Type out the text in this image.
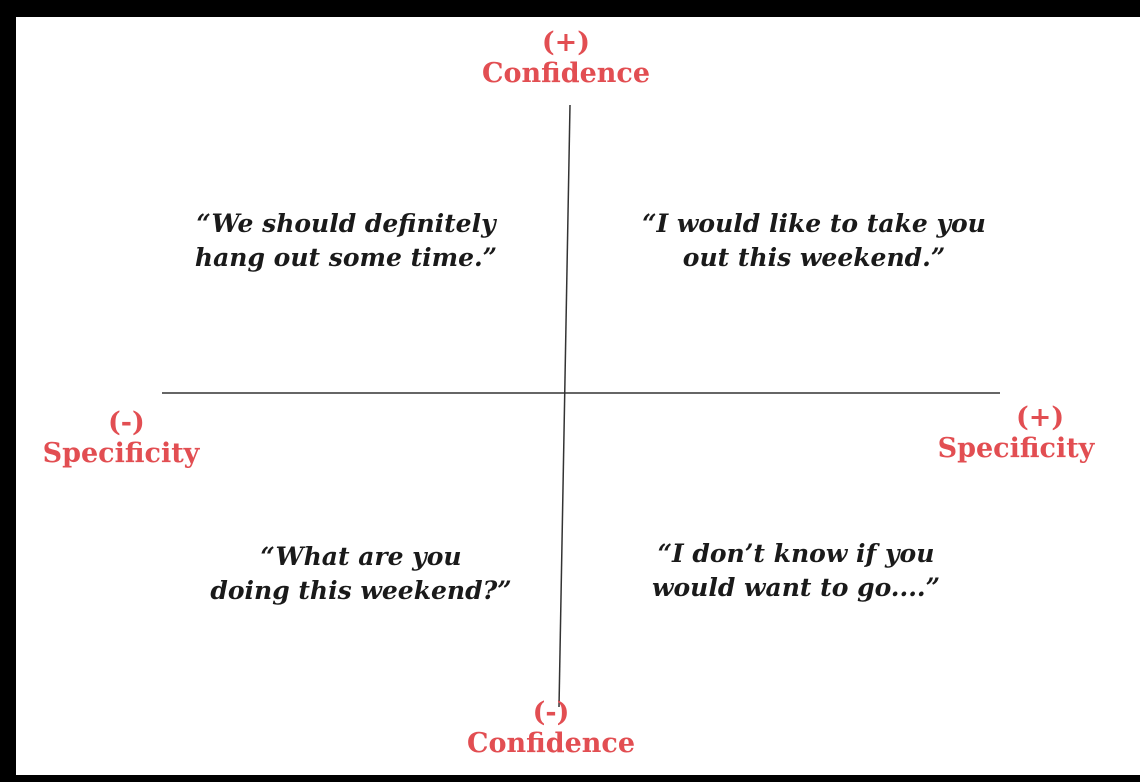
(+)
Confidence
(-)
Confidence
(-)
Specificity
(+)
Specificity
“We should definitely
hang out some time.”
“I would like to take you
out this weekend.”
“What are you
doing this weekend?”
“I don’t know if you
would want to go....”
